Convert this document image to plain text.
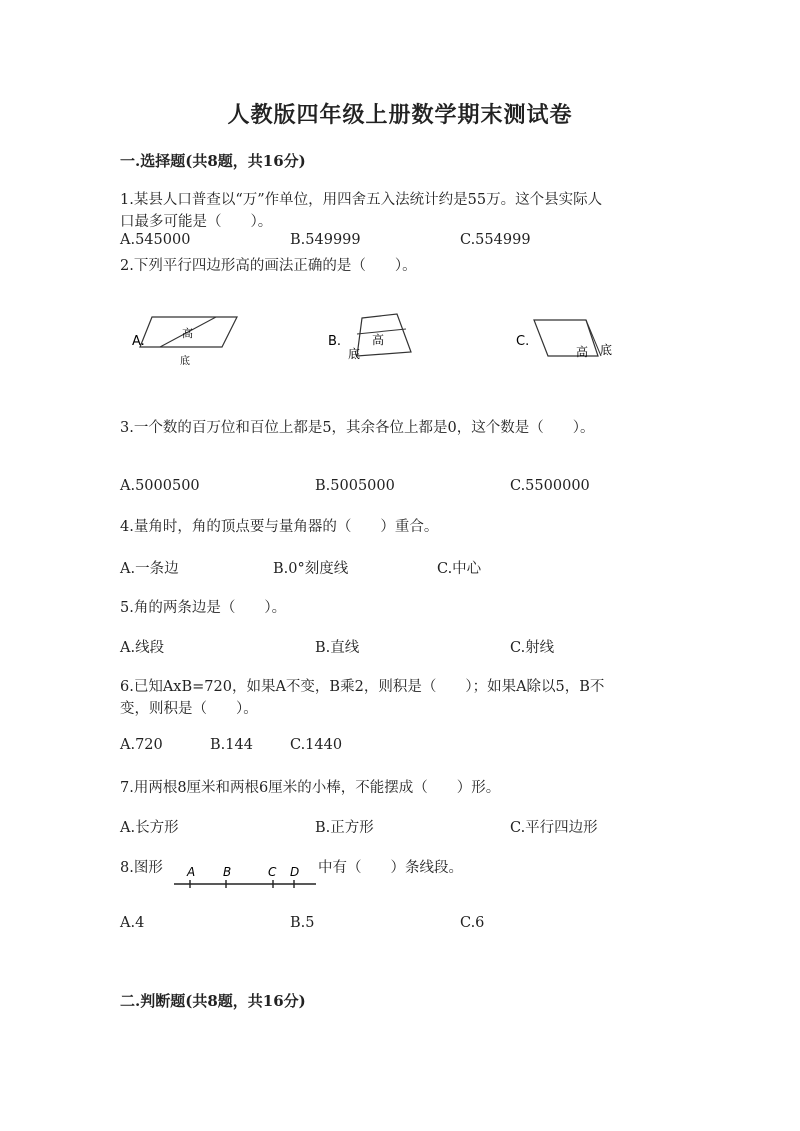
人教版四年级上册数学期末测试卷
一.选择题(共8题，共16分)
1.某县人口普查以“万”作单位，用四舍五入法统计约是55万。这个县实际人
口最多可能是（　　）。
A.545000	B.549999	C.554999
2.下列平行四边形高的画法正确的是（　　）。
A.
高
底
B.	高
底
C.
高 底
3.一个数的百万位和百位上都是5，其余各位上都是0，这个数是（　　）。
A.5000500	B.5005000	C.5500000
4.量角时，角的顶点要与量角器的（　　）重合。
A.一条边	B.0°刻度线	C.中心
5.角的两条边是（　　）。
A.线段	B.直线	C.射线
6.已知AxB=720，如果A不变，B乘2，则积是（　　）；如果A除以5，B不
变，则积是（　　）。
A.720	B.144	C.1440
7.用两根8厘米和两根6厘米的小棒，不能摆成（　　）形。
A.长方形	B.正方形	C.平行四边形
8.图形 A B	C D 中有（　　）条线段。
A.4	B.5	C.6
二.判断题(共8题，共16分)
